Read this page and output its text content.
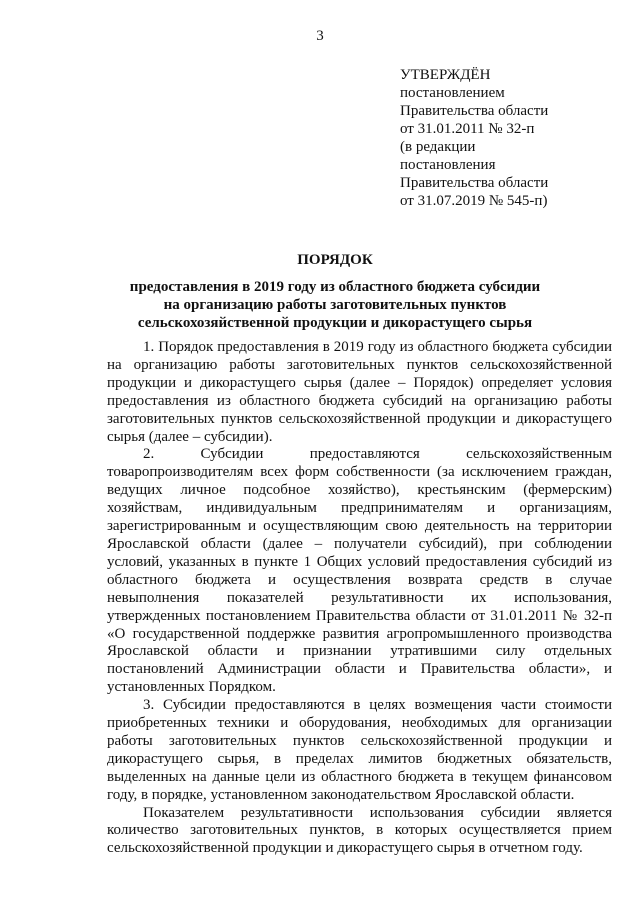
3
УТВЕРЖДЁН
постановлением
Правительства области
от 31.01.2011 № 32-п
(в редакции
постановления
Правительства области
от 31.07.2019 № 545-п)
ПОРЯДОК
предоставления в 2019 году из областного бюджета субсидии
на организацию работы заготовительных пунктов
сельскохозяйственной продукции и дикорастущего сырья

1. Порядок предоставления в 2019 году из областного бюджета субсидии на организацию работы заготовительных пунктов сельскохозяйственной продукции и дикорастущего сырья (далее – Порядок) определяет условия предоставления из областного бюджета субсидий на организацию работы заготовительных пунктов сельскохозяйственной продукции и дикорастущего сырья (далее – субсидии).

2. Субсидии предоставляются сельскохозяйственным товаропроизводителям всех форм собственности (за исключением граждан, ведущих личное подсобное хозяйство), крестьянским (фермерским) хозяйствам, индивидуальным предпринимателям и организациям, зарегистрированным и осуществляющим свою деятельность на территории Ярославской области (далее – получатели субсидий), при соблюдении условий, указанных в пункте 1 Общих условий предоставления субсидий из областного бюджета и осуществления возврата средств в случае невыполнения показателей результативности их использования, утвержденных постановлением Правительства области от 31.01.2011 № 32-п «О государственной поддержке развития агропромышленного производства Ярославской области и признании утратившими силу отдельных постановлений Администрации области и Правительства области», и установленных Порядком.

3. Субсидии предоставляются в целях возмещения части стоимости приобретенных техники и оборудования, необходимых для организации работы заготовительных пунктов сельскохозяйственной продукции и дикорастущего сырья, в пределах лимитов бюджетных обязательств, выделенных на данные цели из областного бюджета в текущем финансовом году, в порядке, установленном законодательством Ярославской области.

Показателем результативности использования субсидии является количество заготовительных пунктов, в которых осуществляется прием сельскохозяйственной продукции и дикорастущего сырья в отчетном году.
